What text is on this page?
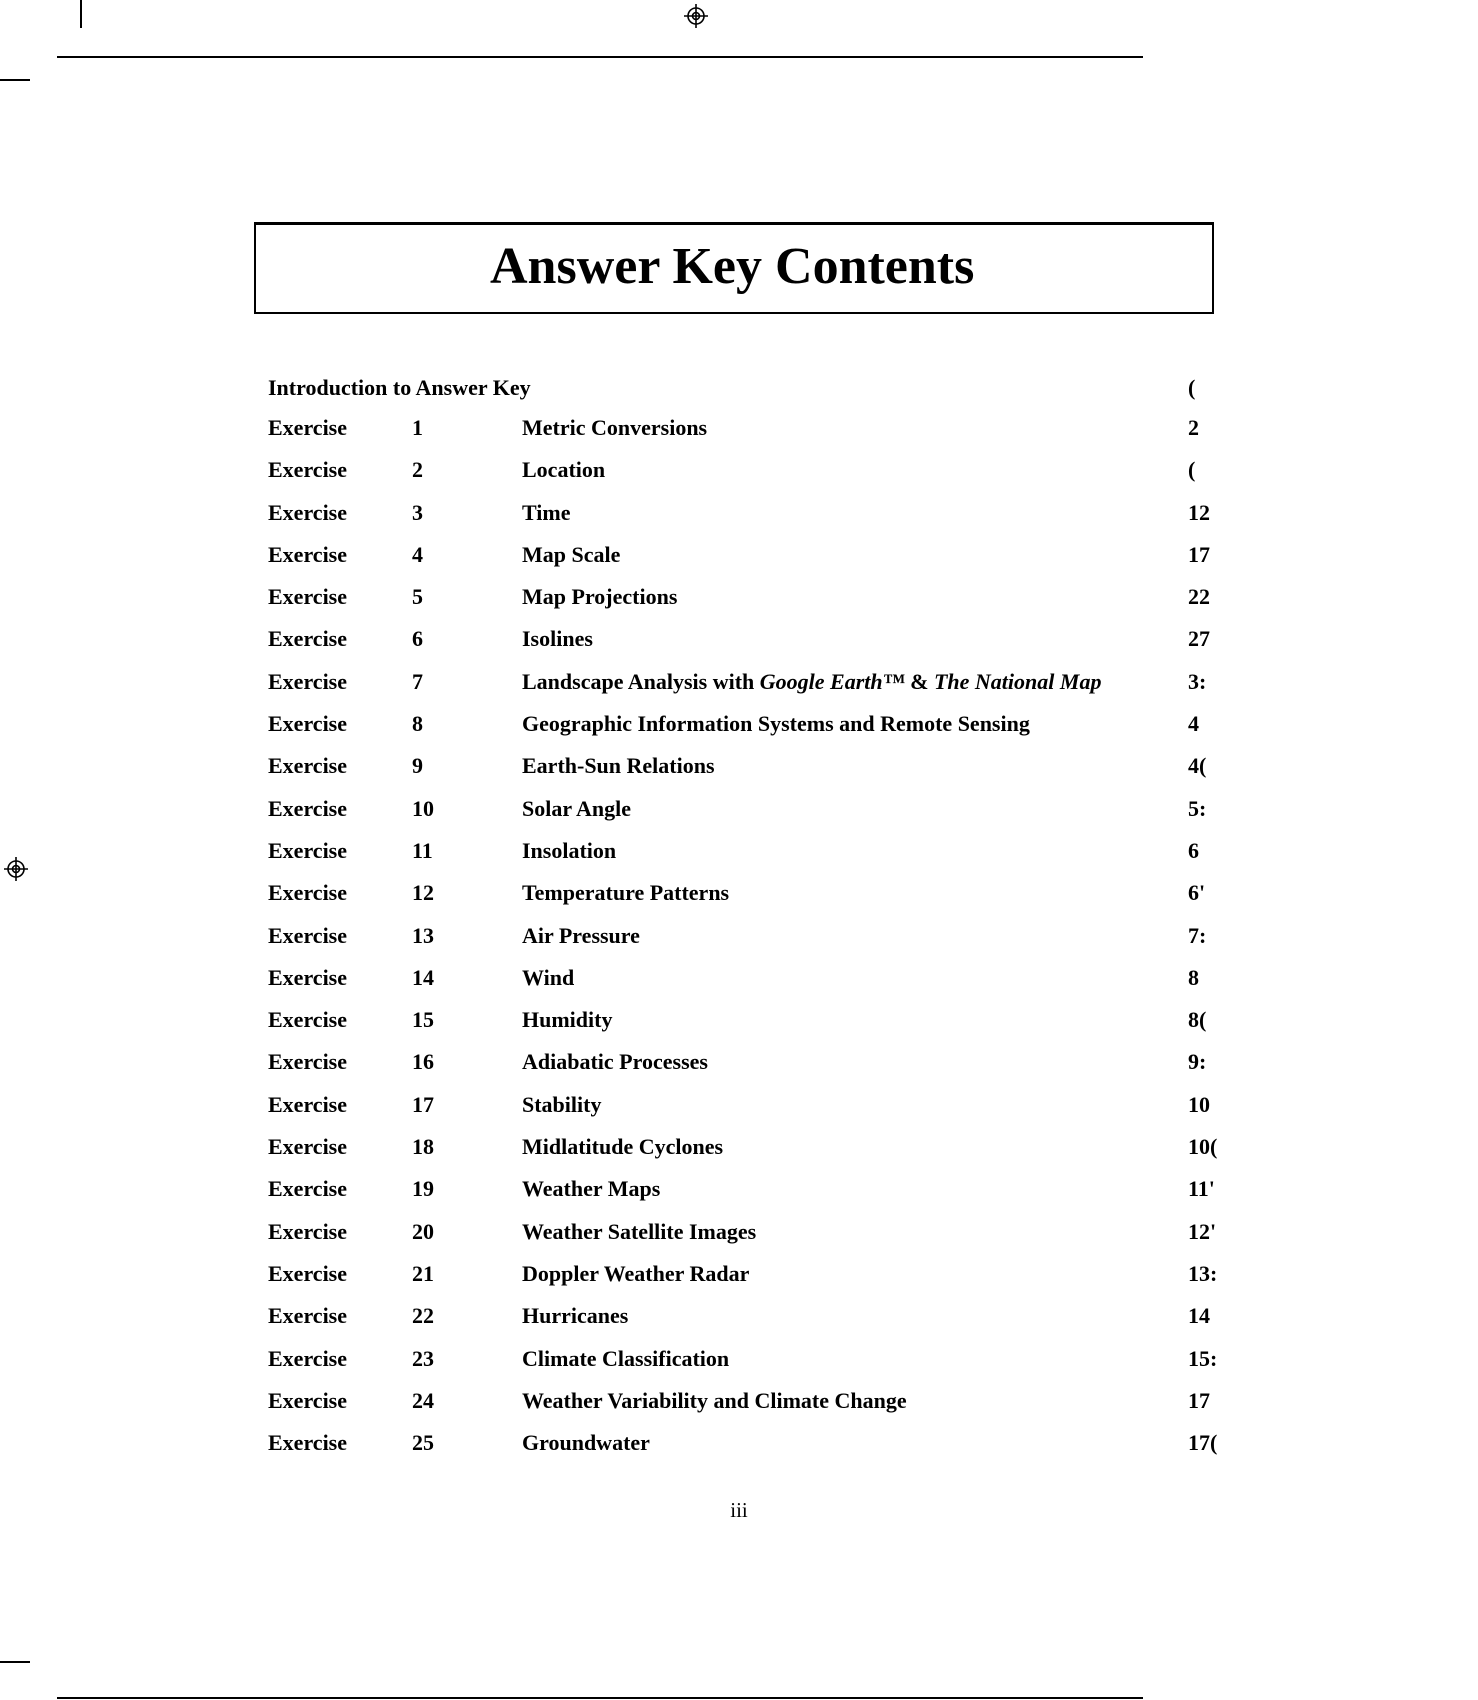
Answer Key Contents
Introduction to Answer Key	(
Exercise	1	Metric Conversions	2
Exercise	2	Location	(
Exercise	3	Time	12
Exercise	4	Map Scale	17
Exercise	5	Map Projections	22
Exercise	6	Isolines	27
Exercise	7	Landscape Analysis with Google Earth™ & The National Map	3:
Exercise	8	Geographic Information Systems and Remote Sensing	4
Exercise	9	Earth-Sun Relations	4(
Exercise	10	Solar Angle	5:
Exercise	11	Insolation	6
Exercise	12	Temperature Patterns	6'
Exercise	13	Air Pressure	7:
Exercise	14	Wind	8
Exercise	15	Humidity	8(
Exercise	16	Adiabatic Processes	9:
Exercise	17	Stability	10
Exercise	18	Midlatitude Cyclones	10(
Exercise	19	Weather Maps	11'
Exercise	20	Weather Satellite Images	12'
Exercise	21	Doppler Weather Radar	13:
Exercise	22	Hurricanes	14
Exercise	23	Climate Classification	15:
Exercise	24	Weather Variability and Climate Change	17
Exercise	25	Groundwater	17(
iii
